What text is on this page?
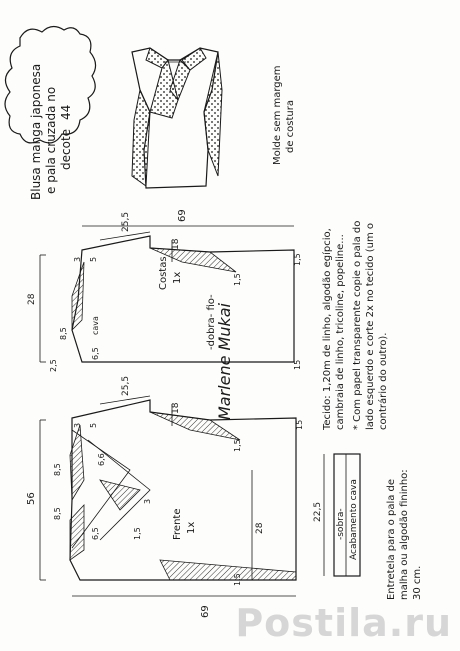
Blusa manga japonesa e pala cruzada no decote
44	Molde sem margem de costura
Tecido: 1,20m de linho, algodão egípcio, cambraia de linho, tricoline, popeline... * Com papel transparente copie o pala do lado esquerdo e corte 2x no tecido (um o contrário do outro).
Costas 1x
-dobra- fio-
69
25,5
18
28
8,5
6,5
2,5
cava
1,5
1,5
15
5
3
Marlene Mukai
Frente 1x
69
56
25,5
18
28
8,5
8,5
6,6
3
6,5	1,5
1,5
1,5
15
3 5
-sobra- Acabamento cava
22,5	Entretela para o pala de malha ou algodão fininho: 30 cm.
Postila.ru
